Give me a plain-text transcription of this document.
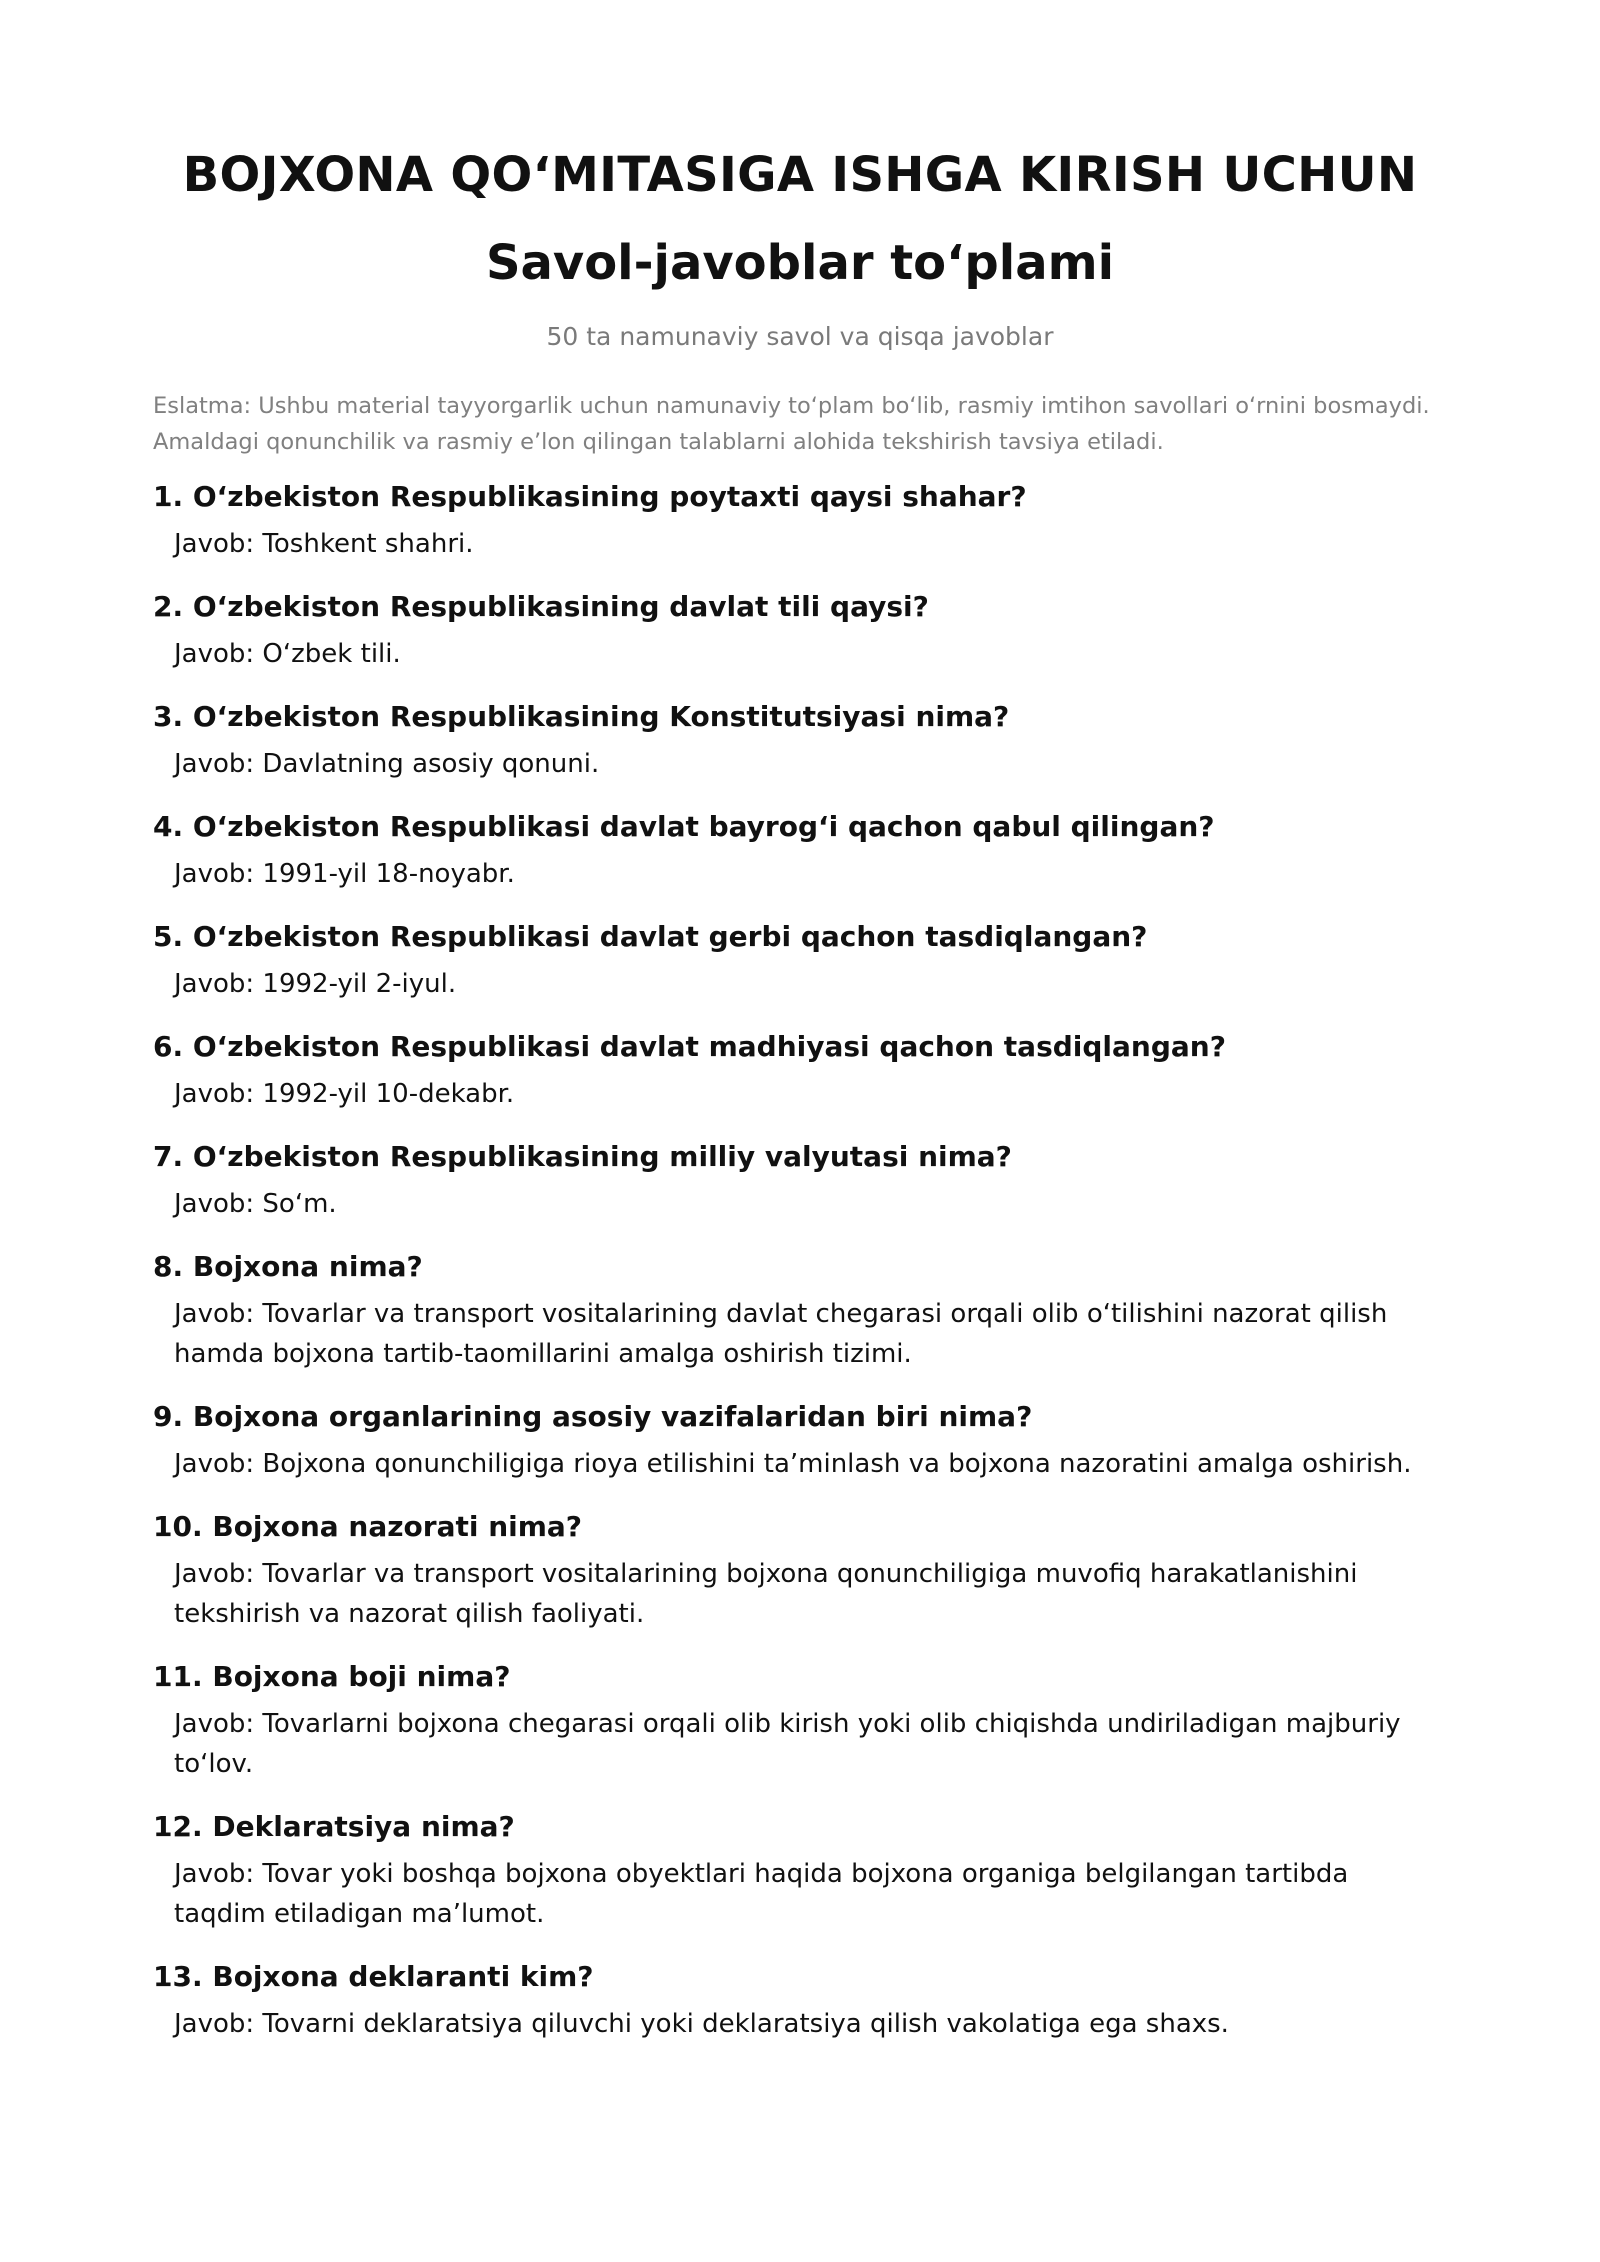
BOJXONA QO‘MITASIGA ISHGA KIRISH UCHUN
Savol-javoblar to‘plami

50 ta namunaviy savol va qisqa javoblar

Eslatma: Ushbu material tayyorgarlik uchun namunaviy to‘plam bo‘lib, rasmiy imtihon savollari o‘rnini bosmaydi. Amaldagi qonunchilik va rasmiy e’lon qilingan talablarni alohida tekshirish tavsiya etiladi.

1. O‘zbekiston Respublikasining poytaxti qaysi shahar?

Javob: Toshkent shahri.

2. O‘zbekiston Respublikasining davlat tili qaysi?

Javob: O‘zbek tili.

3. O‘zbekiston Respublikasining Konstitutsiyasi nima?

Javob: Davlatning asosiy qonuni.

4. O‘zbekiston Respublikasi davlat bayrog‘i qachon qabul qilingan?

Javob: 1991-yil 18-noyabr.

5. O‘zbekiston Respublikasi davlat gerbi qachon tasdiqlangan?

Javob: 1992-yil 2-iyul.

6. O‘zbekiston Respublikasi davlat madhiyasi qachon tasdiqlangan?

Javob: 1992-yil 10-dekabr.

7. O‘zbekiston Respublikasining milliy valyutasi nima?

Javob: So‘m.

8. Bojxona nima?

Javob: Tovarlar va transport vositalarining davlat chegarasi orqali olib o‘tilishini nazorat qilish hamda bojxona tartib-taomillarini amalga oshirish tizimi.

9. Bojxona organlarining asosiy vazifalaridan biri nima?

Javob: Bojxona qonunchiligiga rioya etilishini ta’minlash va bojxona nazoratini amalga oshirish.

10. Bojxona nazorati nima?

Javob: Tovarlar va transport vositalarining bojxona qonunchiligiga muvofiq harakatlanishini tekshirish va nazorat qilish faoliyati.

11. Bojxona boji nima?

Javob: Tovarlarni bojxona chegarasi orqali olib kirish yoki olib chiqishda undiriladigan majburiy to‘lov.

12. Deklaratsiya nima?

Javob: Tovar yoki boshqa bojxona obyektlari haqida bojxona organiga belgilangan tartibda taqdim etiladigan ma’lumot.

13. Bojxona deklaranti kim?

Javob: Tovarni deklaratsiya qiluvchi yoki deklaratsiya qilish vakolatiga ega shaxs.
